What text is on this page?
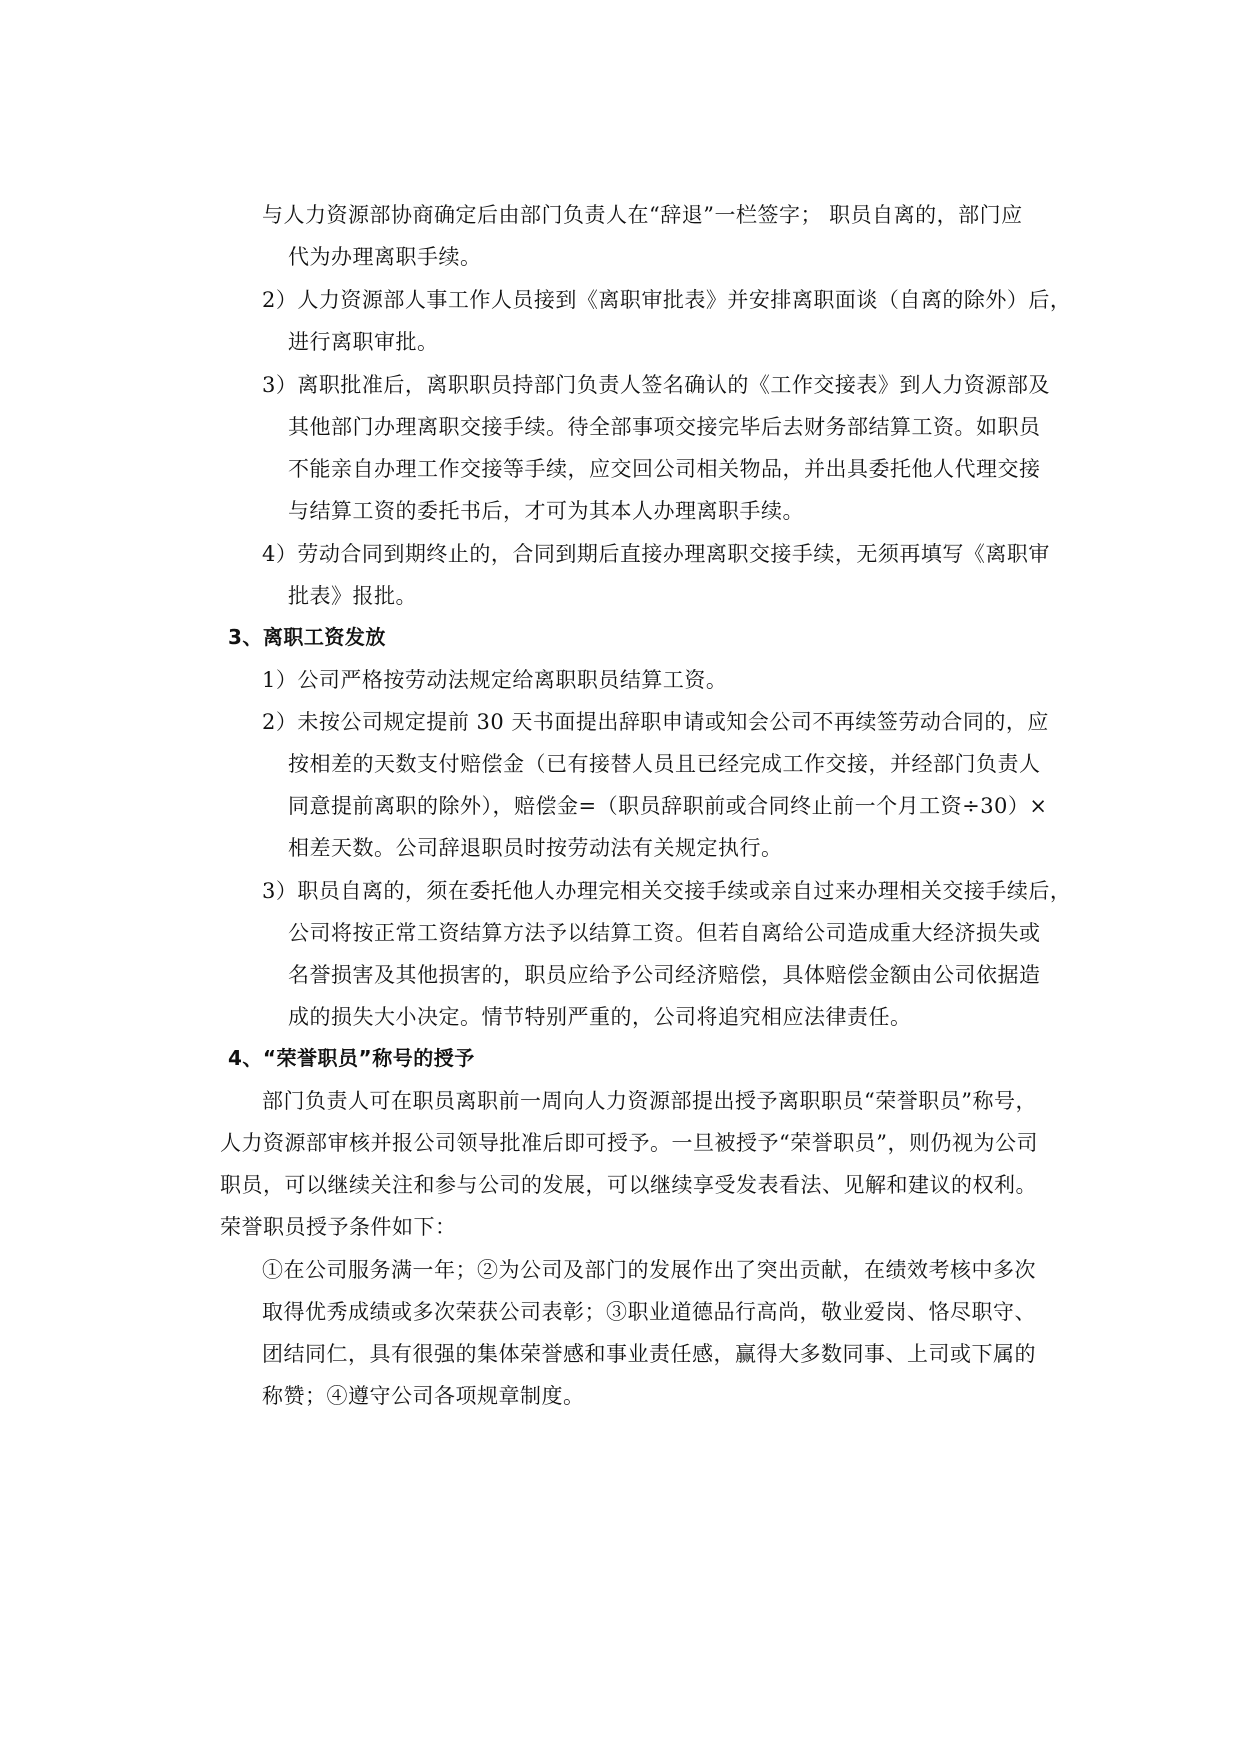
与人力资源部协商确定后由部门负责人在“辞退”一栏签字； 职员自离的，部门应
代为办理离职手续。
2）人力资源部人事工作人员接到《离职审批表》并安排离职面谈（自离的除外）后，
进行离职审批。
3）离职批准后，离职职员持部门负责人签名确认的《工作交接表》到人力资源部及
其他部门办理离职交接手续。待全部事项交接完毕后去财务部结算工资。如职员
不能亲自办理工作交接等手续，应交回公司相关物品，并出具委托他人代理交接
与结算工资的委托书后，才可为其本人办理离职手续。
4）劳动合同到期终止的，合同到期后直接办理离职交接手续，无须再填写《离职审
批表》报批。
3、离职工资发放
1）公司严格按劳动法规定给离职职员结算工资。
2）未按公司规定提前 30 天书面提出辞职申请或知会公司不再续签劳动合同的，应
按相差的天数支付赔偿金（已有接替人员且已经完成工作交接，并经部门负责人
同意提前离职的除外），赔偿金=（职员辞职前或合同终止前一个月工资÷30）×
相差天数。公司辞退职员时按劳动法有关规定执行。
3）职员自离的，须在委托他人办理完相关交接手续或亲自过来办理相关交接手续后，
公司将按正常工资结算方法予以结算工资。但若自离给公司造成重大经济损失或
名誉损害及其他损害的，职员应给予公司经济赔偿，具体赔偿金额由公司依据造
成的损失大小决定。情节特别严重的，公司将追究相应法律责任。
4、“荣誉职员”称号的授予
部门负责人可在职员离职前一周向人力资源部提出授予离职职员“荣誉职员”称号，
人力资源部审核并报公司领导批准后即可授予。一旦被授予“荣誉职员”，则仍视为公司
职员，可以继续关注和参与公司的发展，可以继续享受发表看法、见解和建议的权利。
荣誉职员授予条件如下：
①在公司服务满一年；②为公司及部门的发展作出了突出贡献，在绩效考核中多次
取得优秀成绩或多次荣获公司表彰；③职业道德品行高尚，敬业爱岗、恪尽职守、
团结同仁，具有很强的集体荣誉感和事业责任感，赢得大多数同事、上司或下属的
称赞；④遵守公司各项规章制度。
